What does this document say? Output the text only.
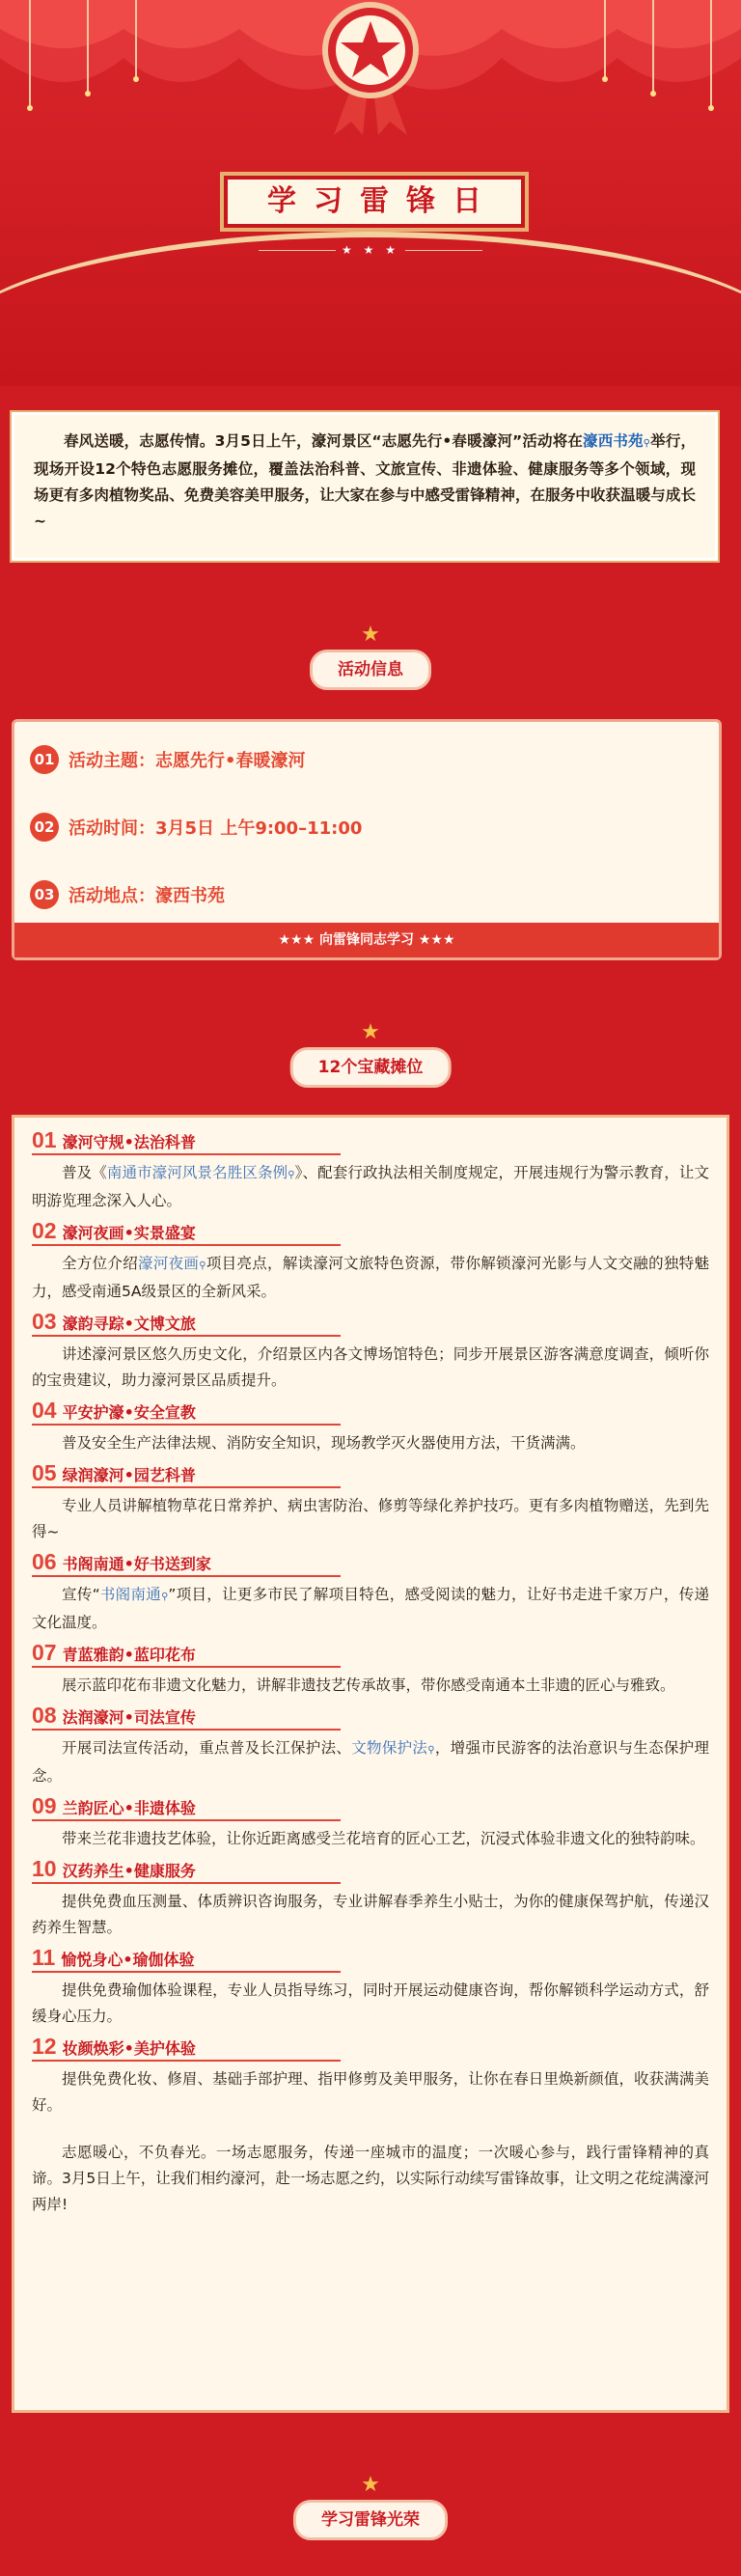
学习雷锋日
★ ★ ★

春风送暖，志愿传情。3月5日上午，濠河景区“志愿先行•春暖濠河”活动将在濠西书苑⚲举行，现场开设12个特色志愿服务摊位，覆盖法治科普、文旅宣传、非遗体验、健康服务等多个领域，现场更有多肉植物奖品、免费美容美甲服务，让大家在参与中感受雷锋精神，在服务中收获温暖与成长~

★
活动信息
01 活动主题：志愿先行•春暖濠河
02 活动时间：3月5日 上午9:00–11:00
03 活动地点：濠西书苑
★★★ 向雷锋同志学习 ★★★
★
12个宝藏摊位
01 濠河守规•法治科普

普及《南通市濠河风景名胜区条例⚲》、配套行政执法相关制度规定，开展违规行为警示教育，让文明游览理念深入人心。

02 濠河夜画•实景盛宴

全方位介绍濠河夜画⚲项目亮点，解读濠河文旅特色资源，带你解锁濠河光影与人文交融的独特魅力，感受南通5A级景区的全新风采。

03 濠韵寻踪•文博文旅

讲述濠河景区悠久历史文化，介绍景区内各文博场馆特色；同步开展景区游客满意度调查，倾听你的宝贵建议，助力濠河景区品质提升。

04 平安护濠•安全宣教

普及安全生产法律法规、消防安全知识，现场教学灭火器使用方法，干货满满。

05 绿润濠河•园艺科普

专业人员讲解植物草花日常养护、病虫害防治、修剪等绿化养护技巧。更有多肉植物赠送，先到先得~

06 书阁南通•好书送到家

宣传“书阁南通⚲”项目，让更多市民了解项目特色，感受阅读的魅力，让好书走进千家万户，传递文化温度。

07 青蓝雅韵•蓝印花布

展示蓝印花布非遗文化魅力，讲解非遗技艺传承故事，带你感受南通本土非遗的匠心与雅致。

08 法润濠河•司法宣传

开展司法宣传活动，重点普及长江保护法、文物保护法⚲，增强市民游客的法治意识与生态保护理念。

09 兰韵匠心•非遗体验

带来兰花非遗技艺体验，让你近距离感受兰花培育的匠心工艺，沉浸式体验非遗文化的独特韵味。

10 汉药养生•健康服务

提供免费血压测量、体质辨识咨询服务，专业讲解春季养生小贴士，为你的健康保驾护航，传递汉药养生智慧。

11 愉悦身心•瑜伽体验

提供免费瑜伽体验课程，专业人员指导练习，同时开展运动健康咨询，帮你解锁科学运动方式，舒缓身心压力。

12 妆颜焕彩•美护体验

提供免费化妆、修眉、基础手部护理、指甲修剪及美甲服务，让你在春日里焕新颜值，收获满满美好。

志愿暖心，不负春光。一场志愿服务，传递一座城市的温度；一次暖心参与，践行雷锋精神的真谛。3月5日上午，让我们相约濠河，赴一场志愿之约，以实际行动续写雷锋故事，让文明之花绽满濠河两岸!

★
学习雷锋光荣
